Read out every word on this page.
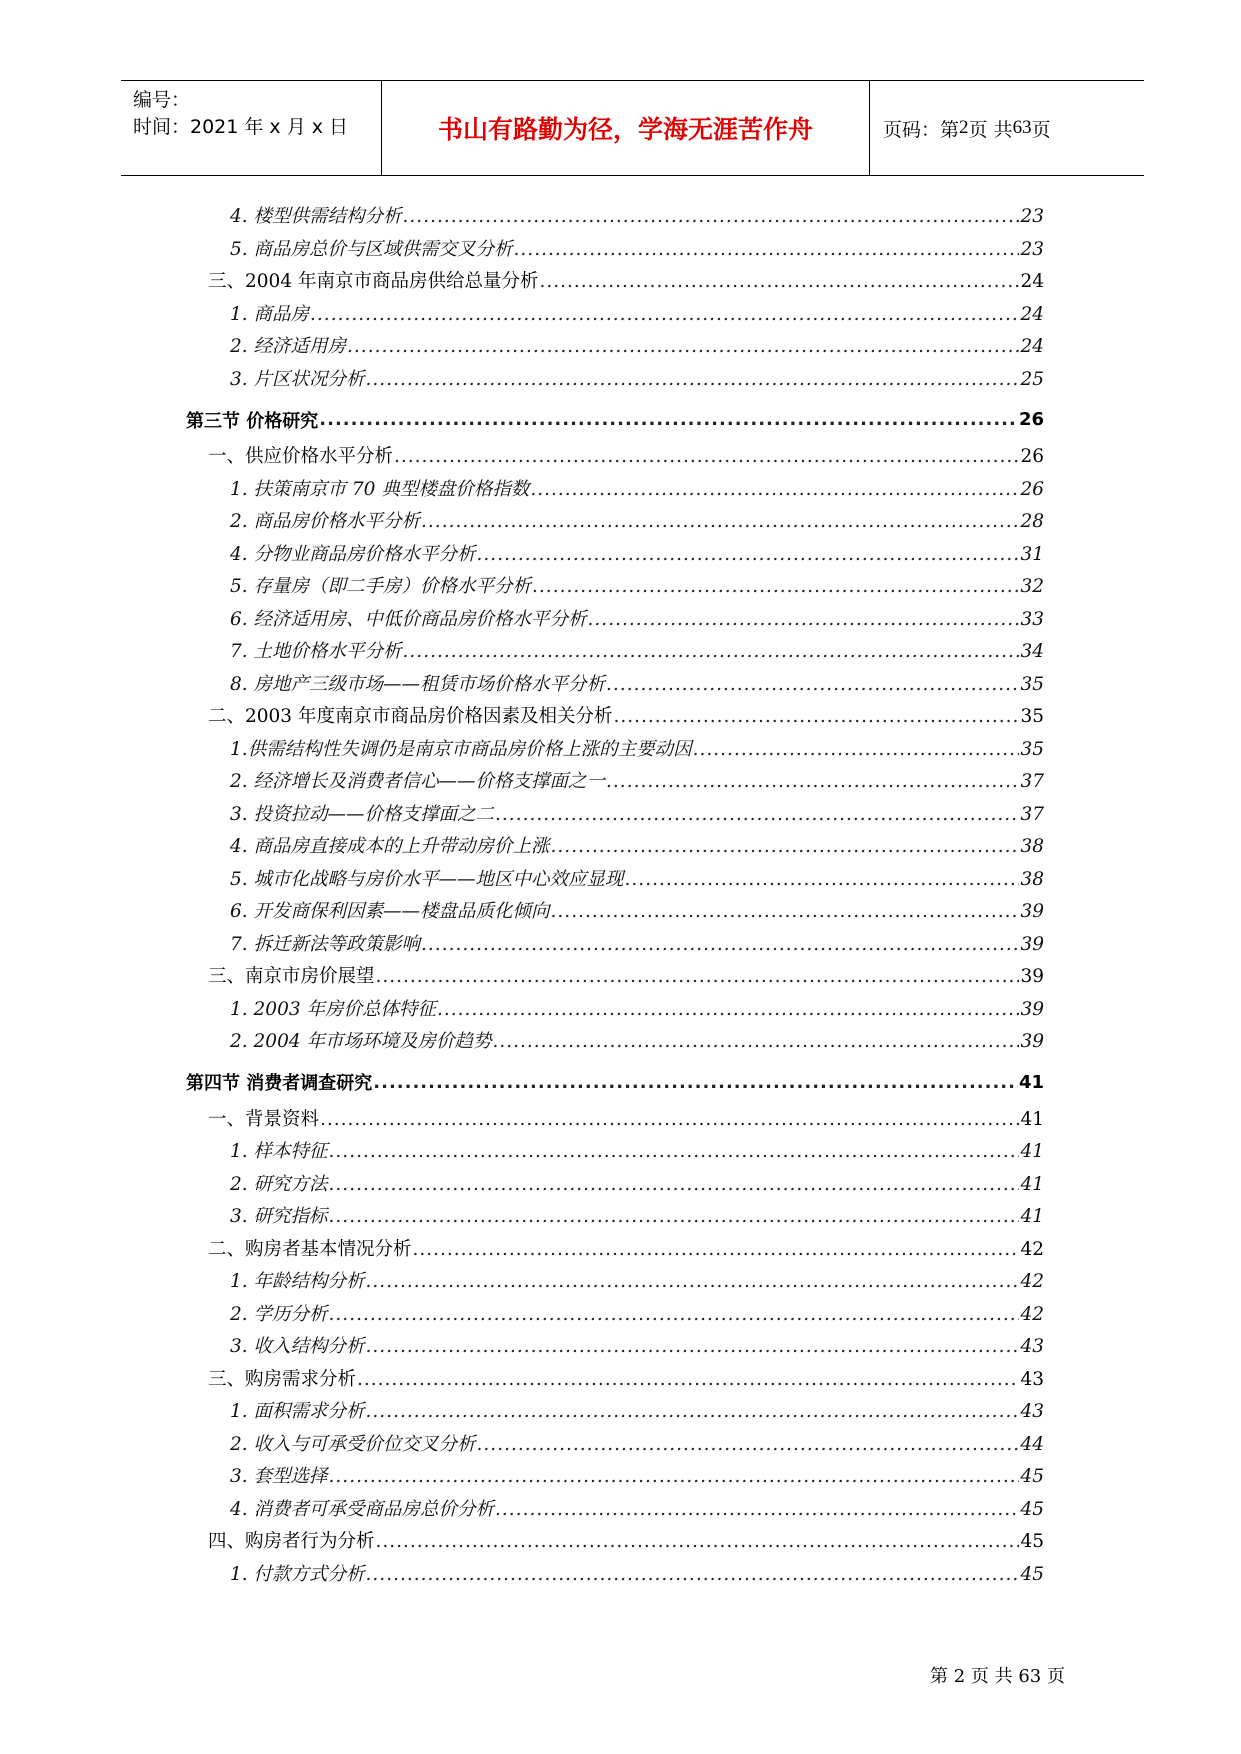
编号：
时间：2021 年 x 月 x 日	书山有路勤为径，学海无涯苦作舟	页码：第 2 页 共 63 页
4. 楼型供需结构分析 .....	23
5. 商品房总价与区域供需交叉分析 .....	23
三、2004 年南京市商品房供给总量分析 .....	24
1. 商品房 .....	24
2. 经济适用房 .....	24
3. 片区状况分析 .....	25
第三节 价格研究 .....	26
一、供应价格水平分析 .....	26
1. 扶策南京市 70 典型楼盘价格指数 .....	26
2. 商品房价格水平分析 .....	28
4. 分物业商品房价格水平分析 .....	31
5. 存量房（即二手房）价格水平分析 .....	32
6. 经济适用房、中低价商品房价格水平分析 .....	33
7. 土地价格水平分析 .....	34
8. 房地产三级市场——租赁市场价格水平分析 .....	35
二、2003 年度南京市商品房价格因素及相关分析 .....	35
1.供需结构性失调仍是南京市商品房价格上涨的主要动因 .....	35
2. 经济增长及消费者信心——价格支撑面之一 .....	37
3. 投资拉动——价格支撑面之二 .....	37
4. 商品房直接成本的上升带动房价上涨 .....	38
5. 城市化战略与房价水平——地区中心效应显现 .....	38
6. 开发商保利因素——楼盘品质化倾向 .....	39
7. 拆迁新法等政策影响 .....	39
三、南京市房价展望 .....	39
1. 2003 年房价总体特征 .....	39
2. 2004 年市场环境及房价趋势 .....	39
第四节 消费者调查研究 .....	41
一、背景资料 .....	41
1. 样本特征 .....	41
2. 研究方法 .....	41
3. 研究指标 .....	41
二、购房者基本情况分析 .....	42
1. 年龄结构分析 .....	42
2. 学历分析 .....	42
3. 收入结构分析 .....	43
三、购房需求分析 .....	43
1. 面积需求分析 .....	43
2. 收入与可承受价位交叉分析 .....	44
3. 套型选择 .....	45
4. 消费者可承受商品房总价分析 .....	45
四、购房者行为分析 .....	45
1. 付款方式分析 .....	45
第 2 页 共 63 页
